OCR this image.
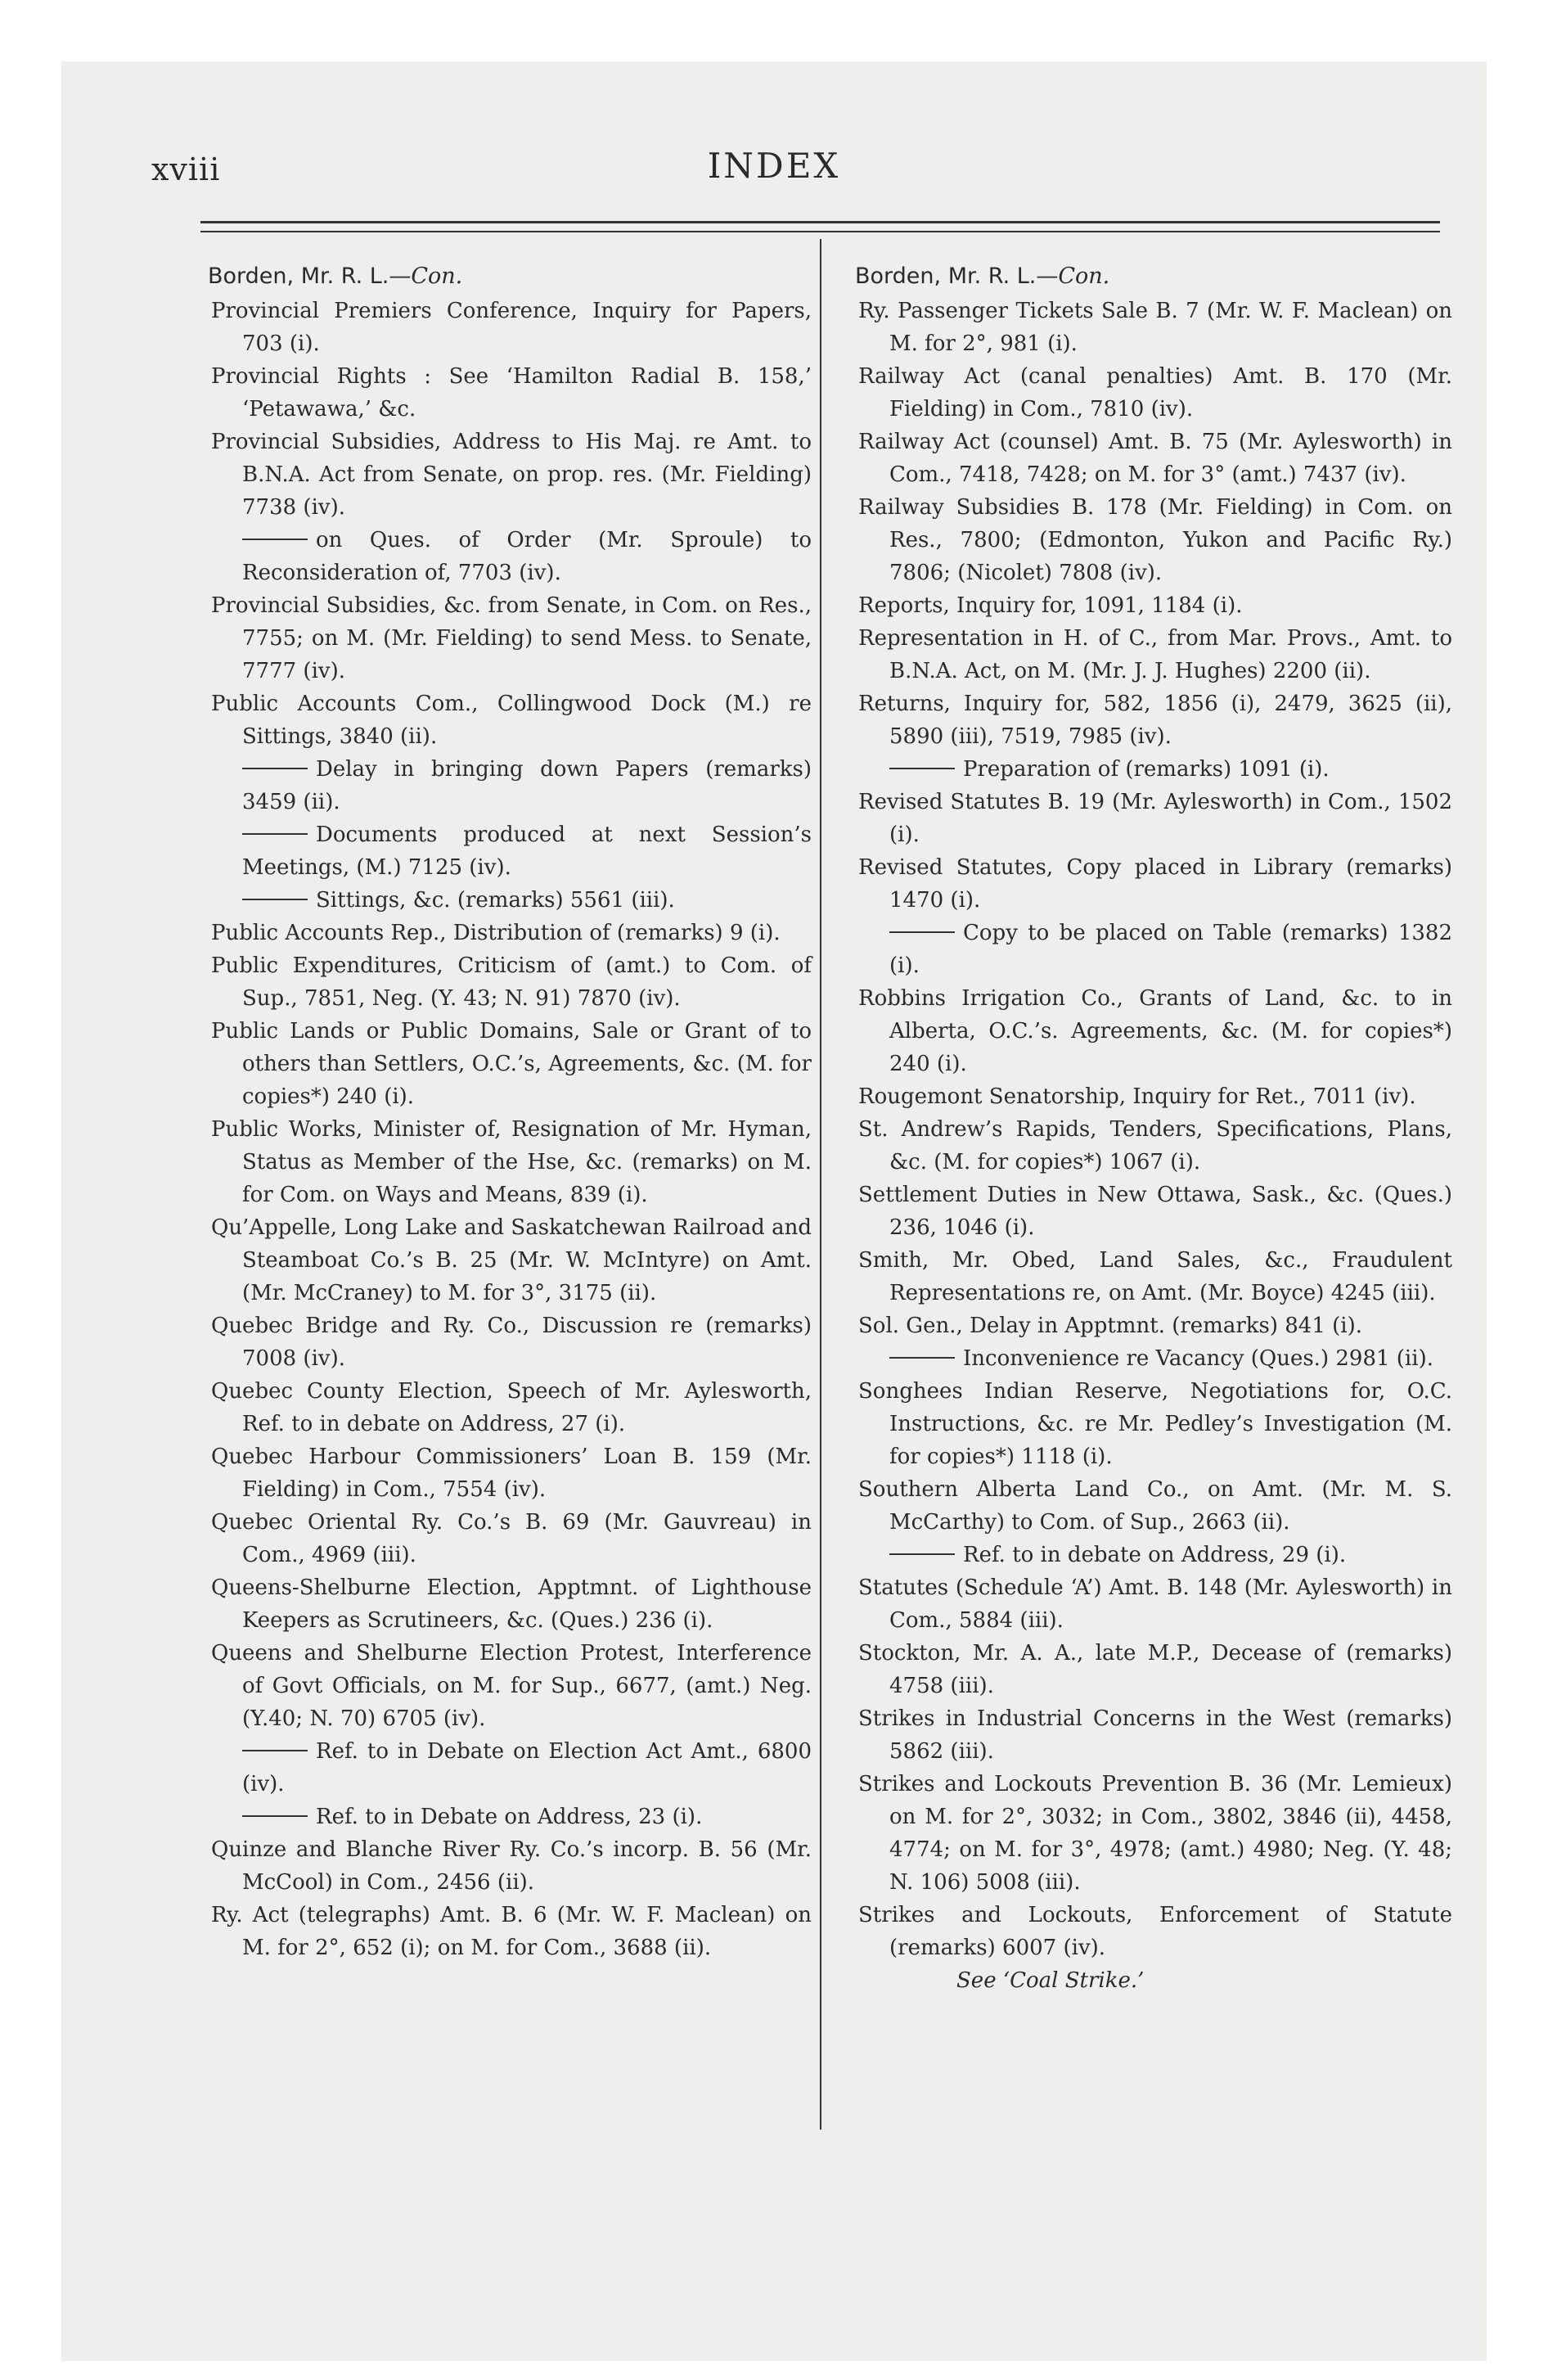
xviii	INDEX
Borden, Mr. R. L.—Con.
Provincial Premiers Conference, Inquiry for Papers, 703 (i).
Provincial Rights : See ‘Hamilton Radial B. 158,’ ‘Petawawa,’ &c.
Provincial Subsidies, Address to His Maj. re Amt. to B.N.A. Act from Senate, on prop. res. (Mr. Fielding) 7738 (iv).
on Ques. of Order (Mr. Sproule) to Reconsideration of, 7703 (iv).
Provincial Subsidies, &c. from Senate, in Com. on Res., 7755; on M. (Mr. Fielding) to send Mess. to Senate, 7777 (iv).
Public Accounts Com., Collingwood Dock (M.) re Sittings, 3840 (ii).
Delay in bringing down Papers (remarks) 3459 (ii).
Documents produced at next Session’s Meetings, (M.) 7125 (iv).
Sittings, &c. (remarks) 5561 (iii).
Public Accounts Rep., Distribution of (remarks) 9 (i).
Public Expenditures, Criticism of (amt.) to Com. of Sup., 7851, Neg. (Y. 43; N. 91) 7870 (iv).
Public Lands or Public Domains, Sale or Grant of to others than Settlers, O.C.’s, Agreements, &c. (M. for copies*) 240 (i).
Public Works, Minister of, Resignation of Mr. Hyman, Status as Member of the Hse, &c. (remarks) on M. for Com. on Ways and Means, 839 (i).
Qu’Appelle, Long Lake and Saskatchewan Railroad and Steamboat Co.’s B. 25 (Mr. W. McIntyre) on Amt. (Mr. McCraney) to M. for 3°, 3175 (ii).
Quebec Bridge and Ry. Co., Discussion re (remarks) 7008 (iv).
Quebec County Election, Speech of Mr. Aylesworth, Ref. to in debate on Address, 27 (i).
Quebec Harbour Commissioners’ Loan B. 159 (Mr. Fielding) in Com., 7554 (iv).
Quebec Oriental Ry. Co.’s B. 69 (Mr. Gauvreau) in Com., 4969 (iii).
Queens-Shelburne Election, Apptmnt. of Lighthouse Keepers as Scrutineers, &c. (Ques.) 236 (i).
Queens and Shelburne Election Protest, Interference of Govt Officials, on M. for Sup., 6677, (amt.) Neg. (Y.40; N. 70) 6705 (iv).
Ref. to in Debate on Election Act Amt., 6800 (iv).
Ref. to in Debate on Address, 23 (i).
Quinze and Blanche River Ry. Co.’s incorp. B. 56 (Mr. McCool) in Com., 2456 (ii).
Ry. Act (telegraphs) Amt. B. 6 (Mr. W. F. Maclean) on M. for 2°, 652 (i); on M. for Com., 3688 (ii).
Borden, Mr. R. L.—Con.
Ry. Passenger Tickets Sale B. 7 (Mr. W. F. Maclean) on M. for 2°, 981 (i).
Railway Act (canal penalties) Amt. B. 170 (Mr. Fielding) in Com., 7810 (iv).
Railway Act (counsel) Amt. B. 75 (Mr. Aylesworth) in Com., 7418, 7428; on M. for 3° (amt.) 7437 (iv).
Railway Subsidies B. 178 (Mr. Fielding) in Com. on Res., 7800; (Edmonton, Yukon and Pacific Ry.) 7806; (Nicolet) 7808 (iv).
Reports, Inquiry for, 1091, 1184 (i).
Representation in H. of C., from Mar. Provs., Amt. to B.N.A. Act, on M. (Mr. J. J. Hughes) 2200 (ii).
Returns, Inquiry for, 582, 1856 (i), 2479, 3625 (ii), 5890 (iii), 7519, 7985 (iv).
Preparation of (remarks) 1091 (i).
Revised Statutes B. 19 (Mr. Aylesworth) in Com., 1502 (i).
Revised Statutes, Copy placed in Library (remarks) 1470 (i).
Copy to be placed on Table (remarks) 1382 (i).
Robbins Irrigation Co., Grants of Land, &c. to in Alberta, O.C.’s. Agreements, &c. (M. for copies*) 240 (i).
Rougemont Senatorship, Inquiry for Ret., 7011 (iv).
St. Andrew’s Rapids, Tenders, Specifications, Plans, &c. (M. for copies*) 1067 (i).
Settlement Duties in New Ottawa, Sask., &c. (Ques.) 236, 1046 (i).
Smith, Mr. Obed, Land Sales, &c., Fraudulent Representations re, on Amt. (Mr. Boyce) 4245 (iii).
Sol. Gen., Delay in Apptmnt. (remarks) 841 (i).
Inconvenience re Vacancy (Ques.) 2981 (ii).
Songhees Indian Reserve, Negotiations for, O.C. Instructions, &c. re Mr. Pedley’s Investigation (M. for copies*) 1118 (i).
Southern Alberta Land Co., on Amt. (Mr. M. S. McCarthy) to Com. of Sup., 2663 (ii).
Ref. to in debate on Address, 29 (i).
Statutes (Schedule ‘A’) Amt. B. 148 (Mr. Aylesworth) in Com., 5884 (iii).
Stockton, Mr. A. A., late M.P., Decease of (remarks) 4758 (iii).
Strikes in Industrial Concerns in the West (remarks) 5862 (iii).
Strikes and Lockouts Prevention B. 36 (Mr. Lemieux) on M. for 2°, 3032; in Com., 3802, 3846 (ii), 4458, 4774; on M. for 3°, 4978; (amt.) 4980; Neg. (Y. 48; N. 106) 5008 (iii).
Strikes and Lockouts, Enforcement of Statute (remarks) 6007 (iv).
See ‘Coal Strike.’
